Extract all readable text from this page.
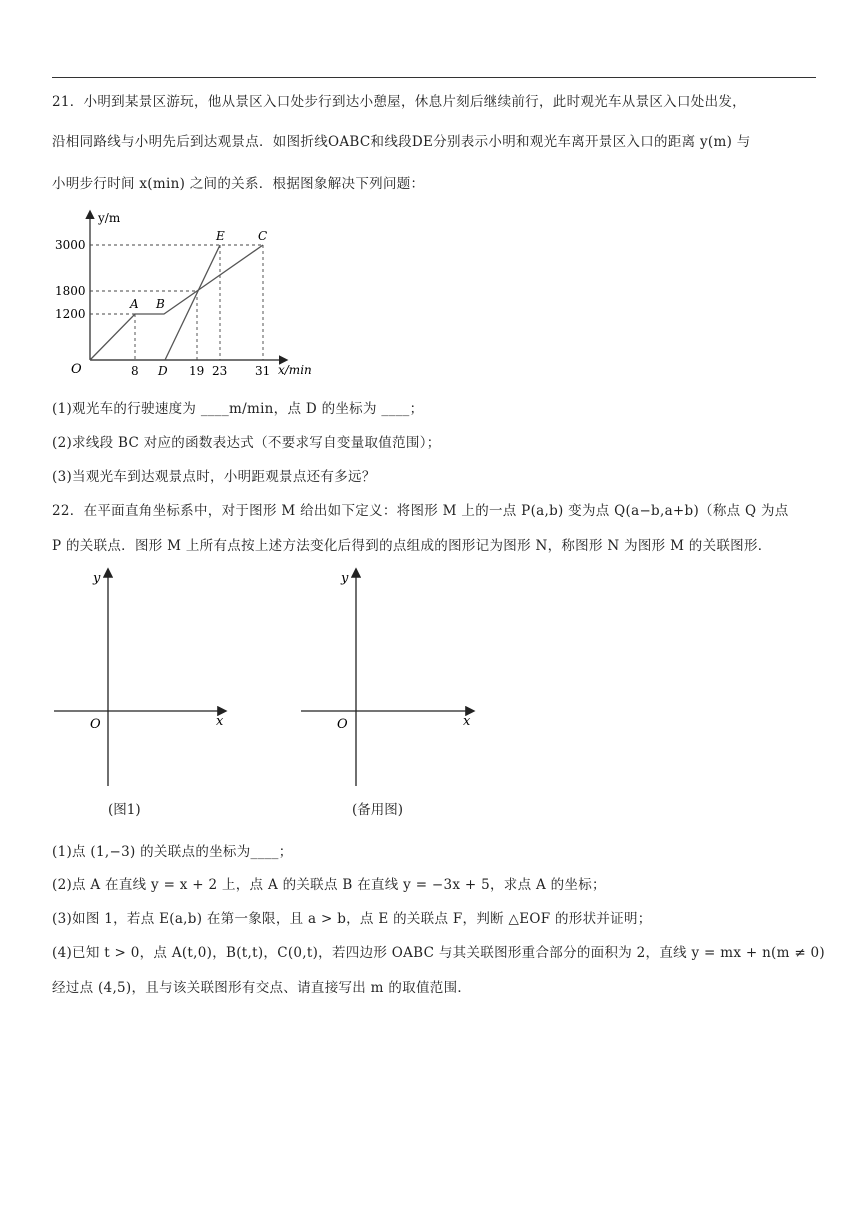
21．小明到某景区游玩，他从景区入口处步行到达小憩屋，休息片刻后继续前行，此时观光车从景区入口处出发，
沿相同路线与小明先后到达观景点．如图折线OABC和线段DE分别表示小明和观光车离开景区入口的距离 y(m) 与
小明步行时间 x(min) 之间的关系．根据图象解决下列问题：
y/m
x/min
O
3000
1800
1200
8 D 19 23 31
A B
E	C
(1)观光车的行驶速度为 ____m/min，点 D 的坐标为 ____；
(2)求线段 BC 对应的函数表达式（不要求写自变量取值范围）；
(3)当观光车到达观景点时，小明距观景点还有多远？
22．在平面直角坐标系中，对于图形 M 给出如下定义：将图形 M 上的一点 P(a,b) 变为点 Q(a−b,a+b)（称点 Q 为点
P 的关联点．图形 M 上所有点按上述方法变化后得到的点组成的图形记为图形 N，称图形 N 为图形 M 的关联图形．
y
x
O
(图1)
y
x
O
(备用图)
(1)点 (1,−3) 的关联点的坐标为____；
(2)点 A 在直线 y = x + 2 上，点 A 的关联点 B 在直线 y = −3x + 5，求点 A 的坐标；
(3)如图 1，若点 E(a,b) 在第一象限，且 a > b，点 E 的关联点 F，判断 △EOF 的形状并证明；
(4)已知 t > 0，点 A(t,0)，B(t,t)，C(0,t)，若四边形 OABC 与其关联图形重合部分的面积为 2，直线 y = mx + n(m ≠ 0)
经过点 (4,5)，且与该关联图形有交点、请直接写出 m 的取值范围．
